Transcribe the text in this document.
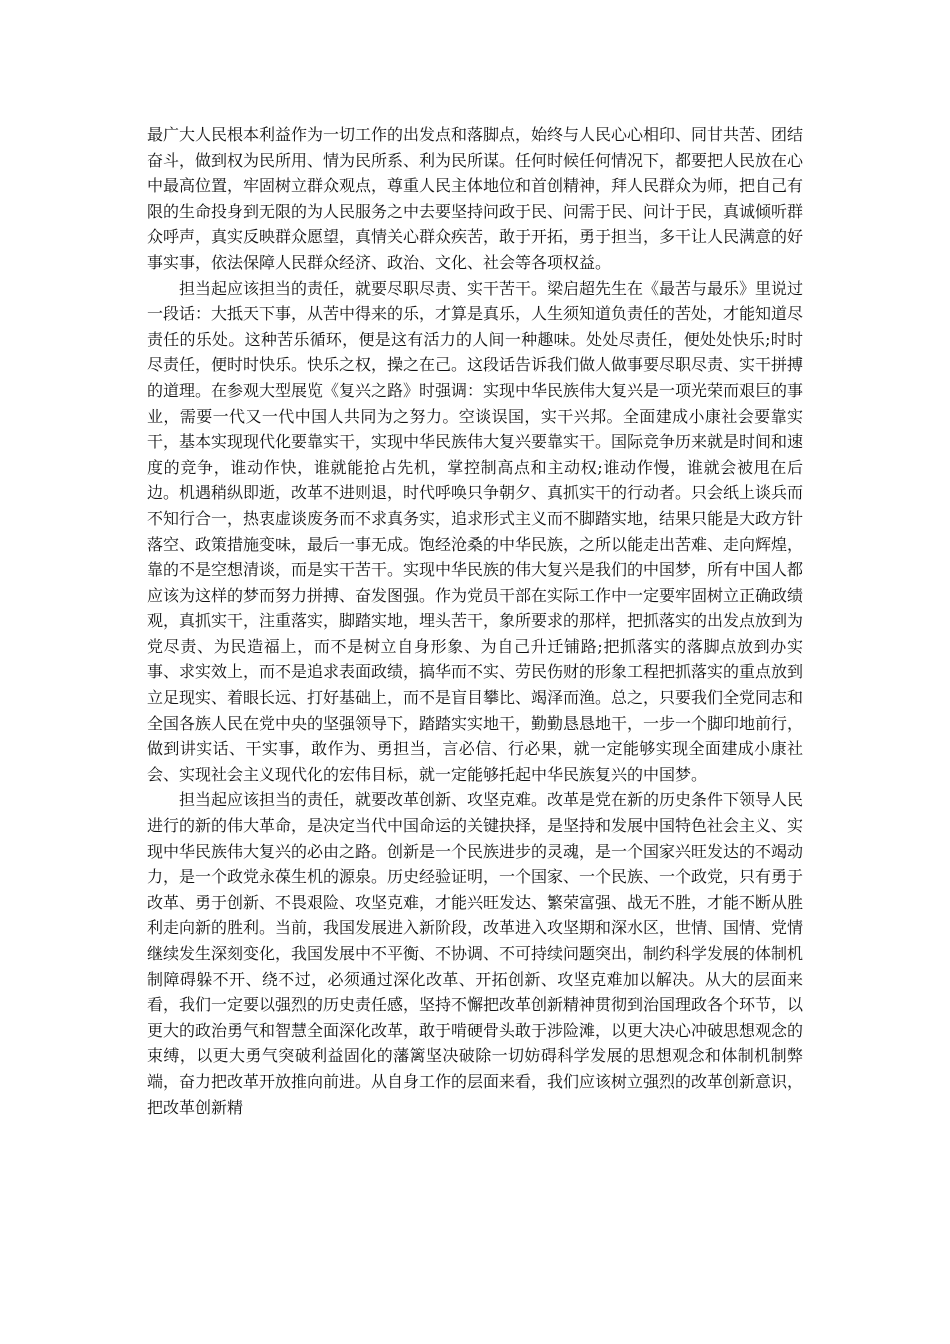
最广大人民根本利益作为一切工作的出发点和落脚点，始终与人民心心相印、同甘共苦、团结奋斗，做到权为民所用、情为民所系、利为民所谋。任何时候任何情况下，都要把人民放在心中最高位置，牢固树立群众观点，尊重人民主体地位和首创精神，拜人民群众为师，把自己有限的生命投身到无限的为人民服务之中去要坚持问政于民、问需于民、问计于民，真诚倾听群众呼声，真实反映群众愿望，真情关心群众疾苦，敢于开拓，勇于担当，多干让人民满意的好事实事，依法保障人民群众经济、政治、文化、社会等各项权益。

担当起应该担当的责任，就要尽职尽责、实干苦干。梁启超先生在《最苦与最乐》里说过一段话：大抵天下事，从苦中得来的乐，才算是真乐，人生须知道负责任的苦处，才能知道尽责任的乐处。这种苦乐循环，便是这有活力的人间一种趣味。处处尽责任，便处处快乐;时时尽责任，便时时快乐。快乐之权，操之在己。这段话告诉我们做人做事要尽职尽责、实干拼搏的道理。在参观大型展览《复兴之路》时强调：实现中华民族伟大复兴是一项光荣而艰巨的事业，需要一代又一代中国人共同为之努力。空谈误国，实干兴邦。全面建成小康社会要靠实干，基本实现现代化要靠实干，实现中华民族伟大复兴要靠实干。国际竞争历来就是时间和速度的竞争，谁动作快，谁就能抢占先机，掌控制高点和主动权;谁动作慢，谁就会被甩在后边。机遇稍纵即逝，改革不进则退，时代呼唤只争朝夕、真抓实干的行动者。只会纸上谈兵而不知行合一，热衷虚谈废务而不求真务实，追求形式主义而不脚踏实地，结果只能是大政方针落空、政策措施变味，最后一事无成。饱经沧桑的中华民族，之所以能走出苦难、走向辉煌，靠的不是空想清谈，而是实干苦干。实现中华民族的伟大复兴是我们的中国梦，所有中国人都应该为这样的梦而努力拼搏、奋发图强。作为党员干部在实际工作中一定要牢固树立正确政绩观，真抓实干，注重落实，脚踏实地，埋头苦干，象所要求的那样，把抓落实的出发点放到为党尽责、为民造福上，而不是树立自身形象、为自己升迁铺路;把抓落实的落脚点放到办实事、求实效上，而不是追求表面政绩，搞华而不实、劳民伤财的形象工程把抓落实的重点放到立足现实、着眼长远、打好基础上，而不是盲目攀比、竭泽而渔。总之，只要我们全党同志和全国各族人民在党中央的坚强领导下，踏踏实实地干，勤勤恳恳地干，一步一个脚印地前行，做到讲实话、干实事，敢作为、勇担当，言必信、行必果，就一定能够实现全面建成小康社会、实现社会主义现代化的宏伟目标，就一定能够托起中华民族复兴的中国梦。

担当起应该担当的责任，就要改革创新、攻坚克难。改革是党在新的历史条件下领导人民进行的新的伟大革命，是决定当代中国命运的关键抉择，是坚持和发展中国特色社会主义、实现中华民族伟大复兴的必由之路。创新是一个民族进步的灵魂，是一个国家兴旺发达的不竭动力，是一个政党永葆生机的源泉。历史经验证明，一个国家、一个民族、一个政党，只有勇于改革、勇于创新、不畏艰险、攻坚克难，才能兴旺发达、繁荣富强、战无不胜，才能不断从胜利走向新的胜利。当前，我国发展进入新阶段，改革进入攻坚期和深水区，世情、国情、党情继续发生深刻变化，我国发展中不平衡、不协调、不可持续问题突出，制约科学发展的体制机制障碍躲不开、绕不过，必须通过深化改革、开拓创新、攻坚克难加以解决。从大的层面来看，我们一定要以强烈的历史责任感，坚持不懈把改革创新精神贯彻到治国理政各个环节，以更大的政治勇气和智慧全面深化改革，敢于啃硬骨头敢于涉险滩，以更大决心冲破思想观念的束缚，以更大勇气突破利益固化的藩篱坚决破除一切妨碍科学发展的思想观念和体制机制弊端，奋力把改革开放推向前进。从自身工作的层面来看，我们应该树立强烈的改革创新意识，把改革创新精
